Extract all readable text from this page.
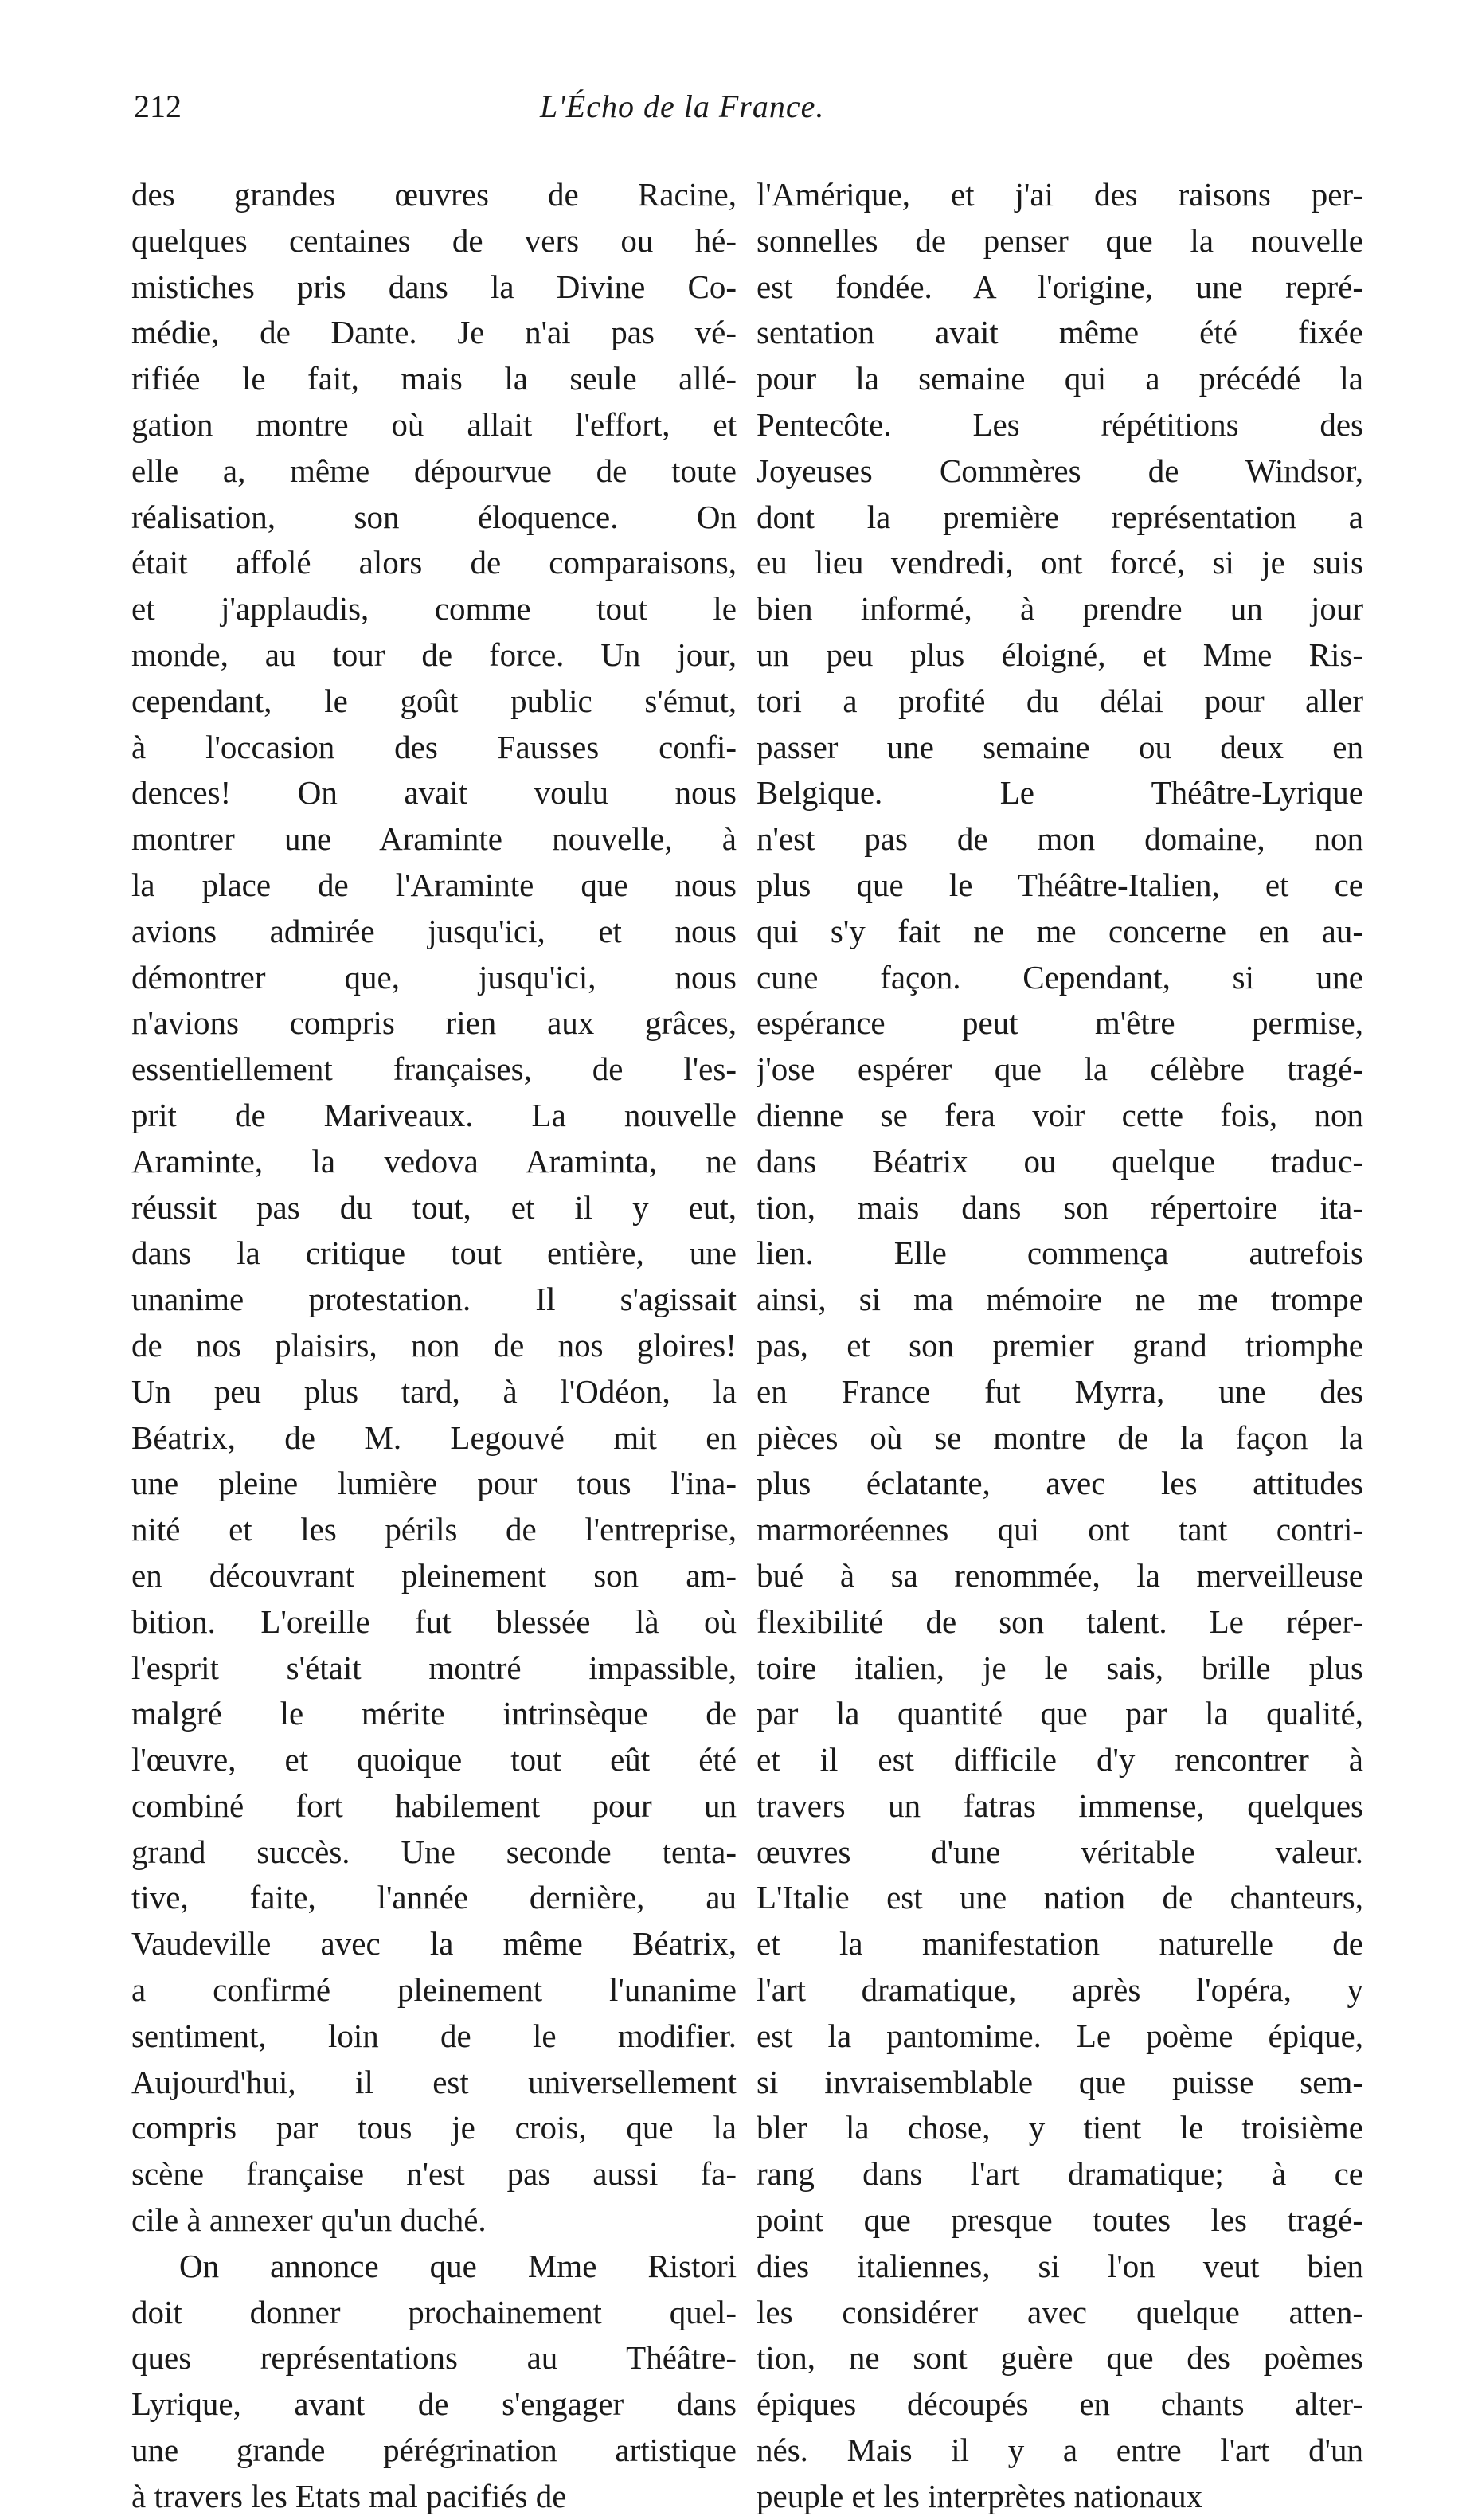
212	L'Écho de la France.
des grandes œuvres de Racine,
quelques centaines de vers ou hé-
mistiches pris dans la Divine Co-
médie, de Dante. Je n'ai pas vé-
rifiée le fait, mais la seule allé-
gation montre où allait l'effort, et
elle a, même dépourvue de toute
réalisation, son éloquence. On
était affolé alors de comparaisons,
et j'applaudis, comme tout le
monde, au tour de force. Un jour,
cependant, le goût public s'émut,
à l'occasion des Fausses confi-
dences! On avait voulu nous
montrer une Araminte nouvelle, à
la place de l'Araminte que nous
avions admirée jusqu'ici, et nous
démontrer que, jusqu'ici, nous
n'avions compris rien aux grâces,
essentiellement françaises, de l'es-
prit de Mariveaux. La nouvelle
Araminte, la vedova Araminta, ne
réussit pas du tout, et il y eut,
dans la critique tout entière, une
unanime protestation. Il s'agissait
de nos plaisirs, non de nos gloires!
Un peu plus tard, à l'Odéon, la
Béatrix, de M. Legouvé mit en
une pleine lumière pour tous l'ina-
nité et les périls de l'entreprise,
en découvrant pleinement son am-
bition. L'oreille fut blessée là où
l'esprit s'était montré impassible,
malgré le mérite intrinsèque de
l'œuvre, et quoique tout eût été
combiné fort habilement pour un
grand succès. Une seconde tenta-
tive, faite, l'année dernière, au
Vaudeville avec la même Béatrix,
a confirmé pleinement l'unanime
sentiment, loin de le modifier.
Aujourd'hui, il est universellement
compris par tous je crois, que la
scène française n'est pas aussi fa-
cile à annexer qu'un duché.
On annonce que Mme Ristori
doit donner prochainement quel-
ques représentations au Théâtre-
Lyrique, avant de s'engager dans
une grande pérégrination artistique
à travers les Etats mal pacifiés de
l'Amérique, et j'ai des raisons per-
sonnelles de penser que la nouvelle
est fondée. A l'origine, une repré-
sentation avait même été fixée
pour la semaine qui a précédé la
Pentecôte. Les répétitions des
Joyeuses Commères de Windsor,
dont la première représentation a
eu lieu vendredi, ont forcé, si je suis
bien informé, à prendre un jour
un peu plus éloigné, et Mme Ris-
tori a profité du délai pour aller
passer une semaine ou deux en
Belgique. Le Théâtre-Lyrique
n'est pas de mon domaine, non
plus que le Théâtre-Italien, et ce
qui s'y fait ne me concerne en au-
cune façon. Cependant, si une
espérance peut m'être permise,
j'ose espérer que la célèbre tragé-
dienne se fera voir cette fois, non
dans Béatrix ou quelque traduc-
tion, mais dans son répertoire ita-
lien. Elle commença autrefois
ainsi, si ma mémoire ne me trompe
pas, et son premier grand triomphe
en France fut Myrra, une des
pièces où se montre de la façon la
plus éclatante, avec les attitudes
marmoréennes qui ont tant contri-
bué à sa renommée, la merveilleuse
flexibilité de son talent. Le réper-
toire italien, je le sais, brille plus
par la quantité que par la qualité,
et il est difficile d'y rencontrer à
travers un fatras immense, quelques
œuvres d'une véritable valeur.
L'Italie est une nation de chanteurs,
et la manifestation naturelle de
l'art dramatique, après l'opéra, y
est la pantomime. Le poème épique,
si invraisemblable que puisse sem-
bler la chose, y tient le troisième
rang dans l'art dramatique; à ce
point que presque toutes les tragé-
dies italiennes, si l'on veut bien
les considérer avec quelque atten-
tion, ne sont guère que des poèmes
épiques découpés en chants alter-
nés. Mais il y a entre l'art d'un
peuple et les interprètes nationaux
